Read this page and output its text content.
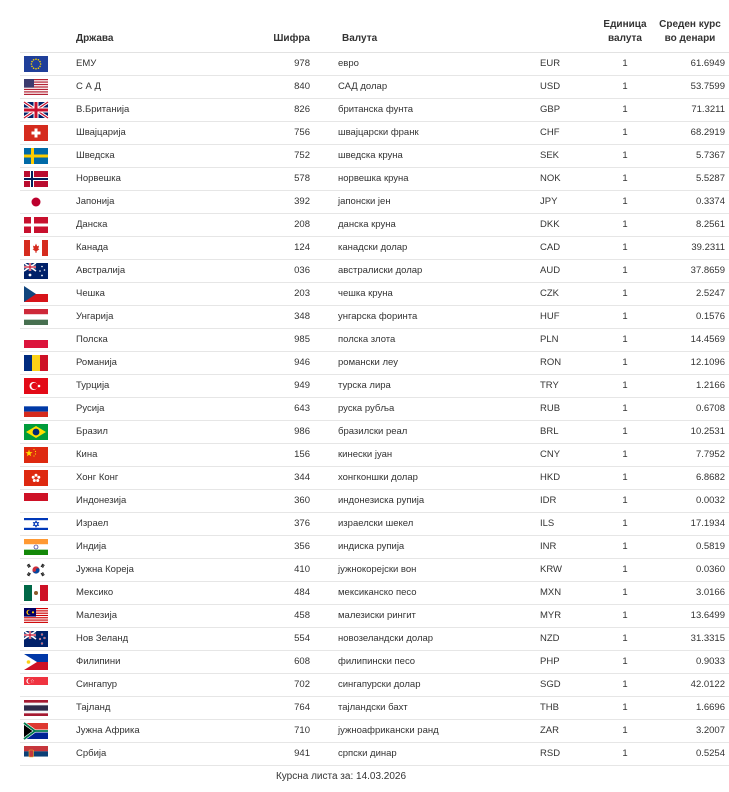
	Држава	Шифра	Валута		Единица валута	Среден курс во денари

	ЕМУ	978	евро	EUR	1	61.6949

	С А Д	840	САД долар	USD	1	53.7599

	В.Британија	826	британска фунта	GBP	1	71.3211

	Швајцарија	756	швајцарски франк	CHF	1	68.2919

	Шведска	752	шведска круна	SEK	1	5.7367

	Норвешка	578	норвешка круна	NOK	1	5.5287

	Јапонија	392	јапонски јен	JPY	1	0.3374

	Данска	208	данска круна	DKK	1	8.2561

	Канада	124	канадски долар	CAD	1	39.2311

	Австралија	036	австралиски долар	AUD	1	37.8659

	Чешка	203	чешка круна	CZK	1	2.5247

	Унгарија	348	унгарска форинта	HUF	1	0.1576

	Полска	985	полска злота	PLN	1	14.4569

	Романија	946	романски леу	RON	1	12.1096

	Турција	949	турска лира	TRY	1	1.2166

	Русија	643	руска рубља	RUB	1	0.6708

	Бразил	986	бразилски реал	BRL	1	10.2531

	Кина	156	кинески јуан	CNY	1	7.7952

	Хонг Конг	344	хонгконшки долар	HKD	1	6.8682

	Индонезија	360	индонезиска рупија	IDR	1	0.0032

	Израел	376	израелски шекел	ILS	1	17.1934

	Индија	356	индиска рупија	INR	1	0.5819

	Јужна Кореја	410	јужнокорејски вон	KRW	1	0.0360

	Мексико	484	мексиканско песо	MXN	1	3.0166

	Малезија	458	малезиски рингит	MYR	1	13.6499

	Нов Зеланд	554	новозеландски долар	NZD	1	31.3315

	Филипини	608	филипински песо	PHP	1	0.9033

	Сингапур	702	сингапурски долар	SGD	1	42.0122

	Тајланд	764	тајландски бахт	THB	1	1.6696

	Јужна Африка	710	јужноафрикански ранд	ZAR	1	3.2007

	Србија	941	српски динар	RSD	1	0.5254
Курсна листа за: 14.03.2026
